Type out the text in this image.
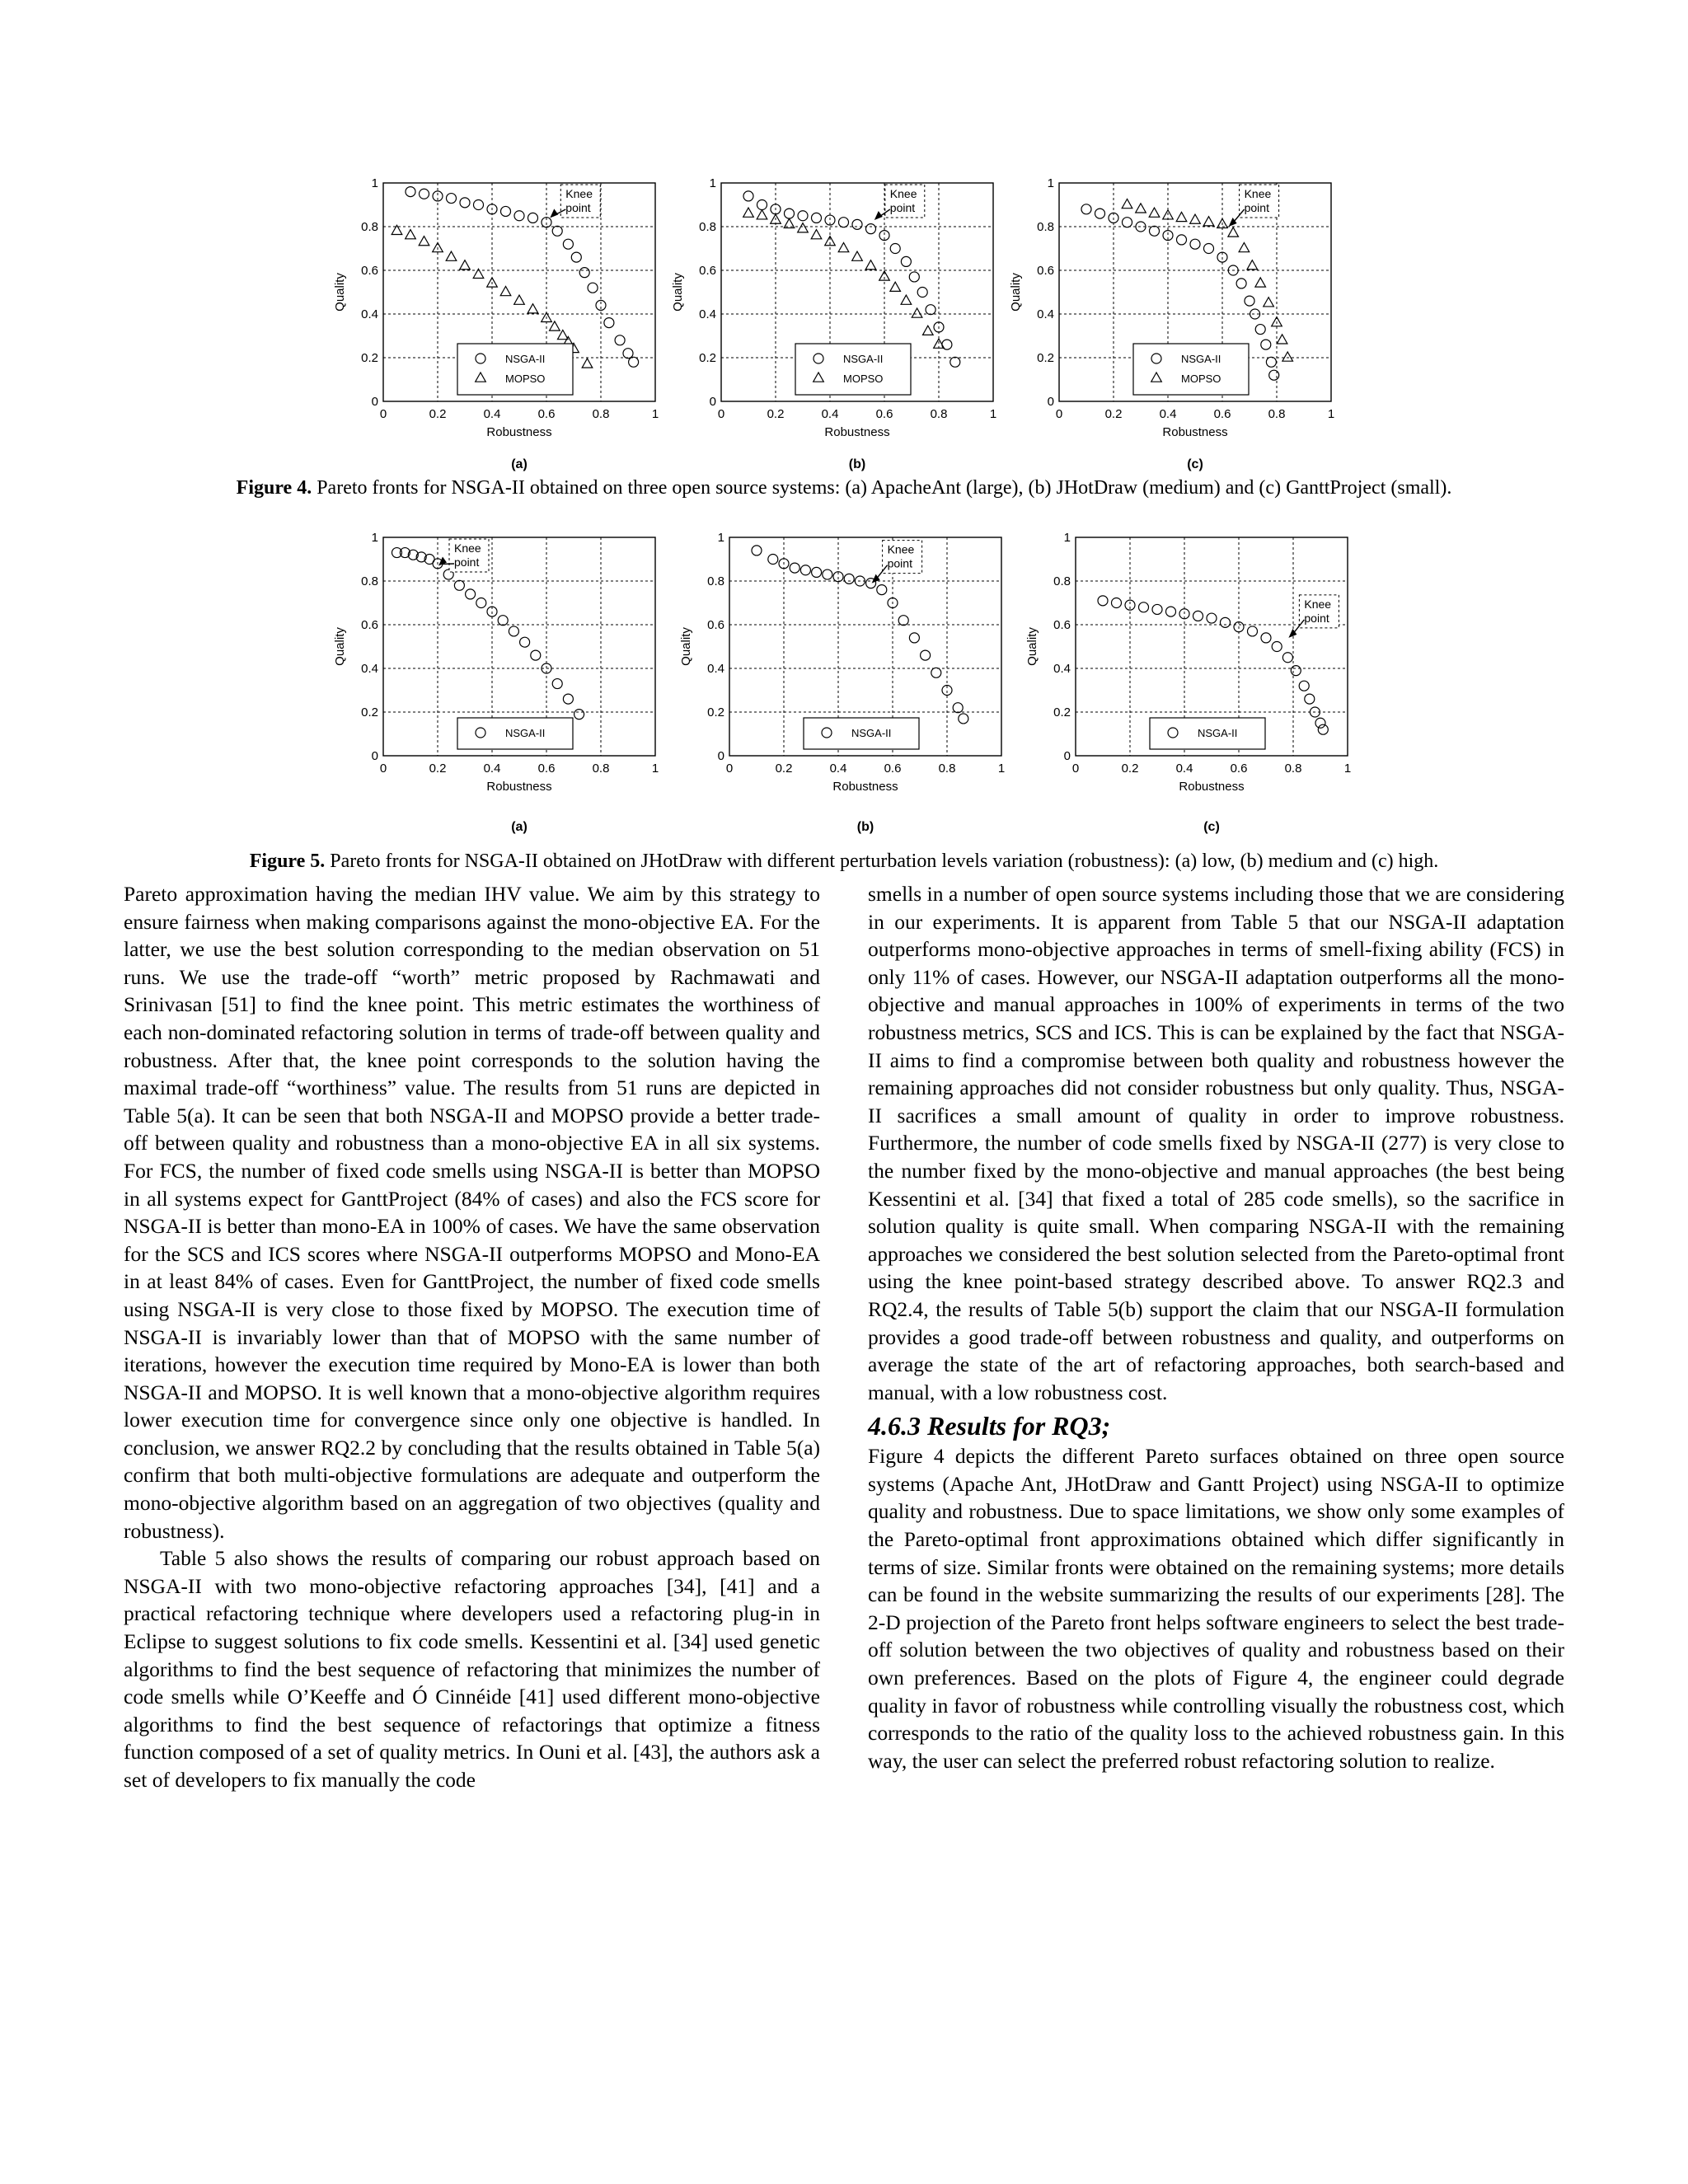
0
0
0.2
0.2
0.4
0.4
0.6
0.6
0.8
0.8
1
1
Robustness
Quality
Knee
point
NSGA-II
MOPSO
0
0
0.2
0.2
0.4
0.4
0.6
0.6
0.8
0.8
1
1
Robustness
Quality
Knee
point
NSGA-II
MOPSO
0
0
0.2
0.2
0.4
0.4
0.6
0.6
0.8
0.8
1
1
Robustness
Quality
Knee
point
NSGA-II
MOPSO
(a)	(b)	(c)
Figure 4. Pareto fronts for NSGA-II obtained on three open source systems: (a) ApacheAnt (large), (b) JHotDraw (medium) and (c) GanttProject (small).
0
0
0.2
0.2
0.4
0.4
0.6
0.6
0.8
0.8
1
1
Robustness
Quality
Knee
point
NSGA-II
0
0
0.2
0.2
0.4
0.4
0.6
0.6
0.8
0.8
1
1
Robustness
Quality
Knee
point
NSGA-II
0
0
0.2
0.2
0.4
0.4
0.6
0.6
0.8
0.8
1
1
Robustness
Quality
Knee
point
NSGA-II
(a)	(b)	(c)
Figure 5. Pareto fronts for NSGA-II obtained on JHotDraw with different perturbation levels variation (robustness): (a) low, (b) medium and (c) high.

Pareto approximation having the median IHV value. We aim by this strategy to ensure fairness when making comparisons against the mono-objective EA. For the latter, we use the best solution corresponding to the median observation on 51 runs. We use the trade-off “worth” metric proposed by Rachmawati and Srinivasan [51] to find the knee point. This metric estimates the worthiness of each non-dominated refactoring solution in terms of trade-off between quality and robustness. After that, the knee point corresponds to the solution having the maximal trade-off “worthiness” value. The results from 51 runs are depicted in Table 5(a). It can be seen that both NSGA-II and MOPSO provide a better trade-off between quality and robustness than a mono-objective EA in all six systems. For FCS, the number of fixed code smells using NSGA-II is better than MOPSO in all systems expect for GanttProject (84% of cases) and also the FCS score for NSGA-II is better than mono-EA in 100% of cases. We have the same observation for the SCS and ICS scores where NSGA-II outperforms MOPSO and Mono-EA in at least 84% of cases. Even for GanttProject, the number of fixed code smells using NSGA-II is very close to those fixed by MOPSO. The execution time of NSGA-II is invariably lower than that of MOPSO with the same number of iterations, however the execution time required by Mono-EA is lower than both NSGA-II and MOPSO. It is well known that a mono-objective algorithm requires lower execution time for convergence since only one objective is handled. In conclusion, we answer RQ2.2 by concluding that the results obtained in Table 5(a) confirm that both multi-objective formulations are adequate and outperform the mono-objective algorithm based on an aggregation of two objectives (quality and robustness).

Table 5 also shows the results of comparing our robust approach based on NSGA-II with two mono-objective refactoring approaches [34], [41] and a practical refactoring technique where developers used a refactoring plug-in in Eclipse to suggest solutions to fix code smells. Kessentini et al. [34] used genetic algorithms to find the best sequence of refactoring that minimizes the number of code smells while O’Keeffe and Ó Cinnéide [41] used different mono-objective algorithms to find the best sequence of refactorings that optimize a fitness function composed of a set of quality metrics. In Ouni et al. [43], the authors ask a set of developers to fix manually the code

smells in a number of open source systems including those that we are considering in our experiments. It is apparent from Table 5 that our NSGA-II adaptation outperforms mono-objective approaches in terms of smell-fixing ability (FCS) in only 11% of cases. However, our NSGA-II adaptation outperforms all the mono-objective and manual approaches in 100% of experiments in terms of the two robustness metrics, SCS and ICS. This is can be explained by the fact that NSGA-II aims to find a compromise between both quality and robustness however the remaining approaches did not consider robustness but only quality. Thus, NSGA-II sacrifices a small amount of quality in order to improve robustness. Furthermore, the number of code smells fixed by NSGA-II (277) is very close to the number fixed by the mono-objective and manual approaches (the best being Kessentini et al. [34] that fixed a total of 285 code smells), so the sacrifice in solution quality is quite small. When comparing NSGA-II with the remaining approaches we considered the best solution selected from the Pareto-optimal front using the knee point-based strategy described above. To answer RQ2.3 and RQ2.4, the results of Table 5(b) support the claim that our NSGA-II formulation provides a good trade-off between robustness and quality, and outperforms on average the state of the art of refactoring approaches, both search-based and manual, with a low robustness cost.

4.6.3 Results for RQ3;

Figure 4 depicts the different Pareto surfaces obtained on three open source systems (Apache Ant, JHotDraw and Gantt Project) using NSGA-II to optimize quality and robustness. Due to space limitations, we show only some examples of the Pareto-optimal front approximations obtained which differ significantly in terms of size. Similar fronts were obtained on the remaining systems; more details can be found in the website summarizing the results of our experiments [28]. The 2-D projection of the Pareto front helps software engineers to select the best trade-off solution between the two objectives of quality and robustness based on their own preferences. Based on the plots of Figure 4, the engineer could degrade quality in favor of robustness while controlling visually the robustness cost, which corresponds to the ratio of the quality loss to the achieved robustness gain. In this way, the user can select the preferred robust refactoring solution to realize.
